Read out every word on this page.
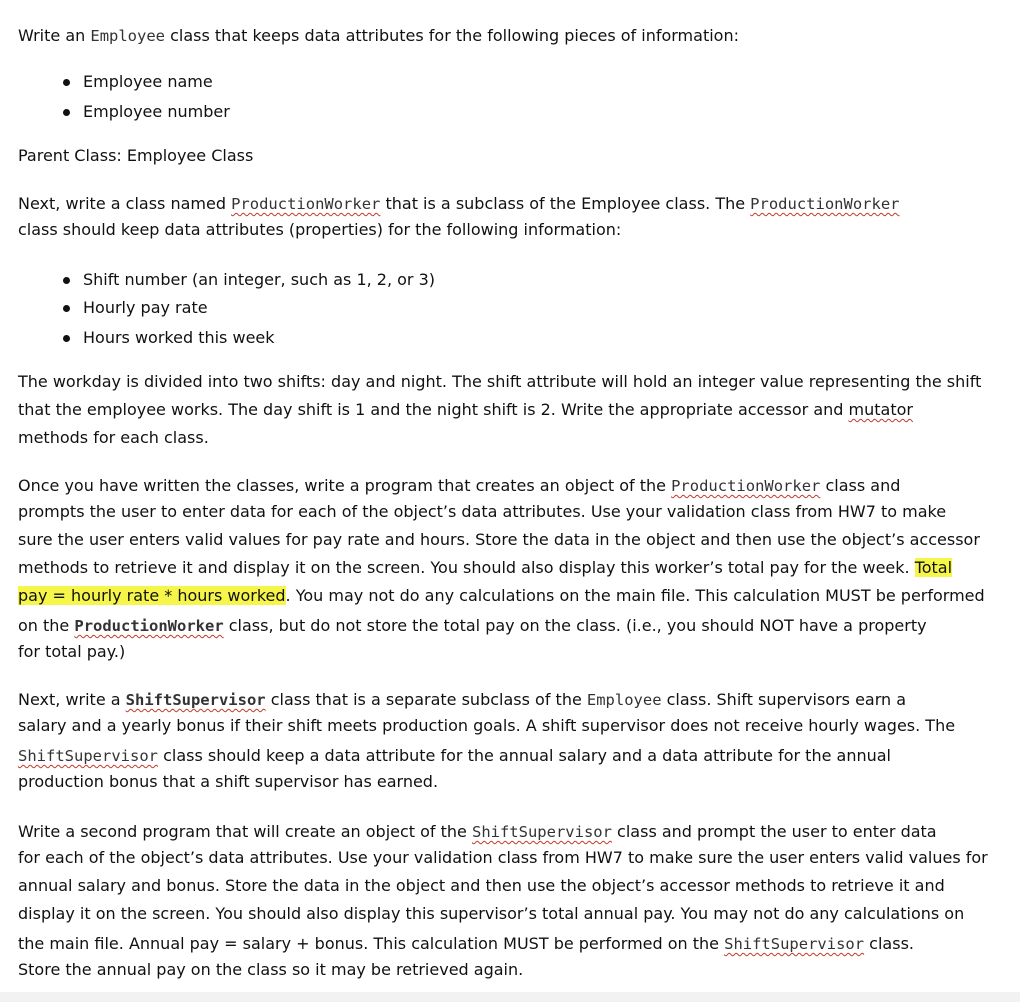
Write an Employee class that keeps data attributes for the following pieces of information:
Employee name
Employee number
Parent Class: Employee Class
Next, write a class named ProductionWorker that is a subclass of the Employee class. The ProductionWorker
class should keep data attributes (properties) for the following information:
Shift number (an integer, such as 1, 2, or 3)
Hourly pay rate
Hours worked this week
The workday is divided into two shifts: day and night. The shift attribute will hold an integer value representing the shift
that the employee works. The day shift is 1 and the night shift is 2. Write the appropriate accessor and mutator
methods for each class.
Once you have written the classes, write a program that creates an object of the ProductionWorker class and
prompts the user to enter data for each of the object’s data attributes. Use your validation class from HW7 to make
sure the user enters valid values for pay rate and hours. Store the data in the object and then use the object’s accessor
methods to retrieve it and display it on the screen. You should also display this worker’s total pay for the week. Total
pay = hourly rate * hours worked. You may not do any calculations on the main file. This calculation MUST be performed
on the ProductionWorker class, but do not store the total pay on the class. (i.e., you should NOT have a property
for total pay.)
Next, write a ShiftSupervisor class that is a separate subclass of the Employee class. Shift supervisors earn a
salary and a yearly bonus if their shift meets production goals. A shift supervisor does not receive hourly wages. The
ShiftSupervisor class should keep a data attribute for the annual salary and a data attribute for the annual
production bonus that a shift supervisor has earned.
Write a second program that will create an object of the ShiftSupervisor class and prompt the user to enter data
for each of the object’s data attributes. Use your validation class from HW7 to make sure the user enters valid values for
annual salary and bonus. Store the data in the object and then use the object’s accessor methods to retrieve it and
display it on the screen. You should also display this supervisor’s total annual pay. You may not do any calculations on
the main file. Annual pay = salary + bonus. This calculation MUST be performed on the ShiftSupervisor class.
Store the annual pay on the class so it may be retrieved again.
